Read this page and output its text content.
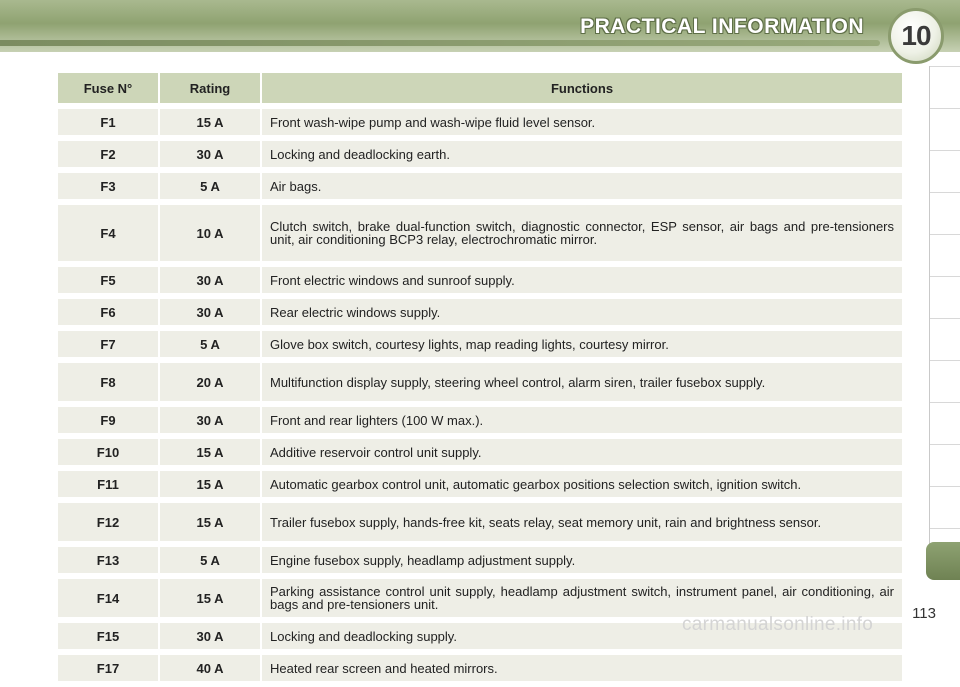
PRACTICAL INFORMATION 10
Fuse N°	Rating	Functions
F1	15 A	Front wash-wipe pump and wash-wipe fluid level sensor.
F2	30 A	Locking and deadlocking earth.
F3	5 A	Air bags.
F4	10 A	Clutch switch, brake dual-function switch, diagnostic connector, ESP sensor, air bags and pre-tensioners unit, air conditioning BCP3 relay, electrochromatic mirror.
F5	30 A	Front electric windows and sunroof supply.
F6	30 A	Rear electric windows supply.
F7	5 A	Glove box switch, courtesy lights, map reading lights, courtesy mirror.
F8	20 A	Multifunction display supply, steering wheel control, alarm siren, trailer fusebox supply.
F9	30 A	Front and rear lighters (100 W max.).
F10	15 A	Additive reservoir control unit supply.
F11	15 A	Automatic gearbox control unit, automatic gearbox positions selection switch, ignition switch.
F12	15 A	Trailer fusebox supply, hands-free kit, seats relay, seat memory unit, rain and brightness sensor.
F13	5 A	Engine fusebox supply, headlamp adjustment supply.
F14	15 A	Parking assistance control unit supply, headlamp adjustment switch, instrument panel, air conditioning, air bags and pre-tensioners unit.
F15	30 A	Locking and deadlocking supply.
F17	40 A	Heated rear screen and heated mirrors.
113
carmanualsonline.info
